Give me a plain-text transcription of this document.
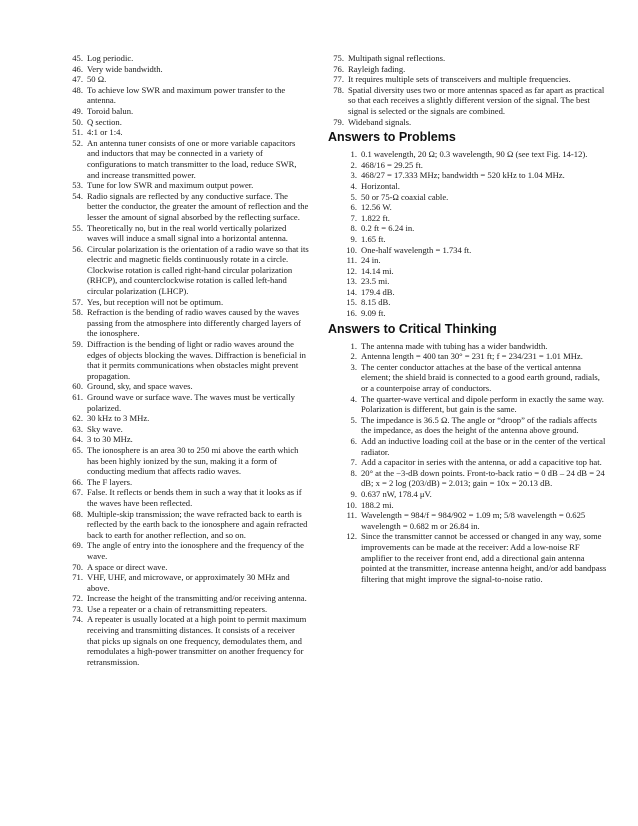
45. Log periodic.
46. Very wide bandwidth.
47. 50 Ω.
48. To achieve low SWR and maximum power transfer to the antenna.
49. Toroid balun.
50. Q section.
51. 4:1 or 1:4.
52. An antenna tuner consists of one or more variable capacitors and inductors that may be connected in a variety of configurations to match transmitter to the load, reduce SWR, and increase transmitted power.
53. Tune for low SWR and maximum output power.
54. Radio signals are reflected by any conductive surface. The better the conductor, the greater the amount of reflection and the lesser the amount of signal absorbed by the reflecting surface.
55. Theoretically no, but in the real world vertically polarized waves will induce a small signal into a horizontal antenna.
56. Circular polarization is the orientation of a radio wave so that its electric and magnetic fields continuously rotate in a circle. Clockwise rotation is called right-hand circular polarization (RHCP), and counterclockwise rotation is called left-hand circular polarization (LHCP).
57. Yes, but reception will not be optimum.
58. Refraction is the bending of radio waves caused by the waves passing from the atmosphere into differently charged layers of the ionosphere.
59. Diffraction is the bending of light or radio waves around the edges of objects blocking the waves. Diffraction is beneficial in that it permits communications when obstacles might prevent propagation.
60. Ground, sky, and space waves.
61. Ground wave or surface wave. The waves must be vertically polarized.
62. 30 kHz to 3 MHz.
63. Sky wave.
64. 3 to 30 MHz.
65. The ionosphere is an area 30 to 250 mi above the earth which has been highly ionized by the sun, making it a form of conducting medium that affects radio waves.
66. The F layers.
67. False. It reflects or bends them in such a way that it looks as if the waves have been reflected.
68. Multiple-skip transmission; the wave refracted back to earth is reflected by the earth back to the ionosphere and again refracted back to earth for another reflection, and so on.
69. The angle of entry into the ionosphere and the frequency of the wave.
70. A space or direct wave.
71. VHF, UHF, and microwave, or approximately 30 MHz and above.
72. Increase the height of the transmitting and/or receiving antenna.
73. Use a repeater or a chain of retransmitting repeaters.
74. A repeater is usually located at a high point to permit maximum receiving and transmitting distances. It consists of a receiver that picks up signals on one frequency, demodulates them, and remodulates a high-power transmitter on another frequency for retransmission.
75. Multipath signal reflections.
76. Rayleigh fading.
77. It requires multiple sets of transceivers and multiple frequencies.
78. Spatial diversity uses two or more antennas spaced as far apart as practical so that each receives a slightly different version of the signal. The best signal is selected or the signals are combined.
79. Wideband signals.
Answers to Problems
1. 0.1 wavelength, 20 Ω; 0.3 wavelength, 90 Ω (see text Fig. 14-12).
2. 468/16 = 29.25 ft.
3. 468/27 = 17.333 MHz; bandwidth = 520 kHz to 1.04 MHz.
4. Horizontal.
5. 50 or 75-Ω coaxial cable.
6. 12.56 W.
7. 1.822 ft.
8. 0.2 ft = 6.24 in.
9. 1.65 ft.
10. One-half wavelength = 1.734 ft.
11. 24 in.
12. 14.14 mi.
13. 23.5 mi.
14. 179.4 dB.
15. 8.15 dB.
16. 9.09 ft.
Answers to Critical Thinking
1. The antenna made with tubing has a wider bandwidth.
2. Antenna length = 400 tan 30° = 231 ft; f = 234/231 = 1.01 MHz.
3. The center conductor attaches at the base of the vertical antenna element; the shield braid is connected to a good earth ground, radials, or a counterpoise array of conductors.
4. The quarter-wave vertical and dipole perform in exactly the same way. Polarization is different, but gain is the same.
5. The impedance is 36.5 Ω. The angle or “droop” of the radials affects the impedance, as does the height of the antenna above ground.
6. Add an inductive loading coil at the base or in the center of the vertical radiator.
7. Add a capacitor in series with the antenna, or add a capacitive top hat.
8. 20° at the −3-dB down points. Front-to-back ratio = 0 dB – 24 dB = 24 dB; x = 2 log (203/dB) = 2.013; gain = 10x = 20.13 dB.
9. 0.637 nW, 178.4 μV.
10. 188.2 mi.
11. Wavelength = 984/f = 984/902 = 1.09 m; 5/8 wavelength = 0.625 wavelength = 0.682 m or 26.84 in.
12. Since the transmitter cannot be accessed or changed in any way, some improvements can be made at the receiver: Add a low-noise RF amplifier to the receiver front end, add a directional gain antenna pointed at the transmitter, increase antenna height, and/or add bandpass filtering that might improve the signal-to-noise ratio.
